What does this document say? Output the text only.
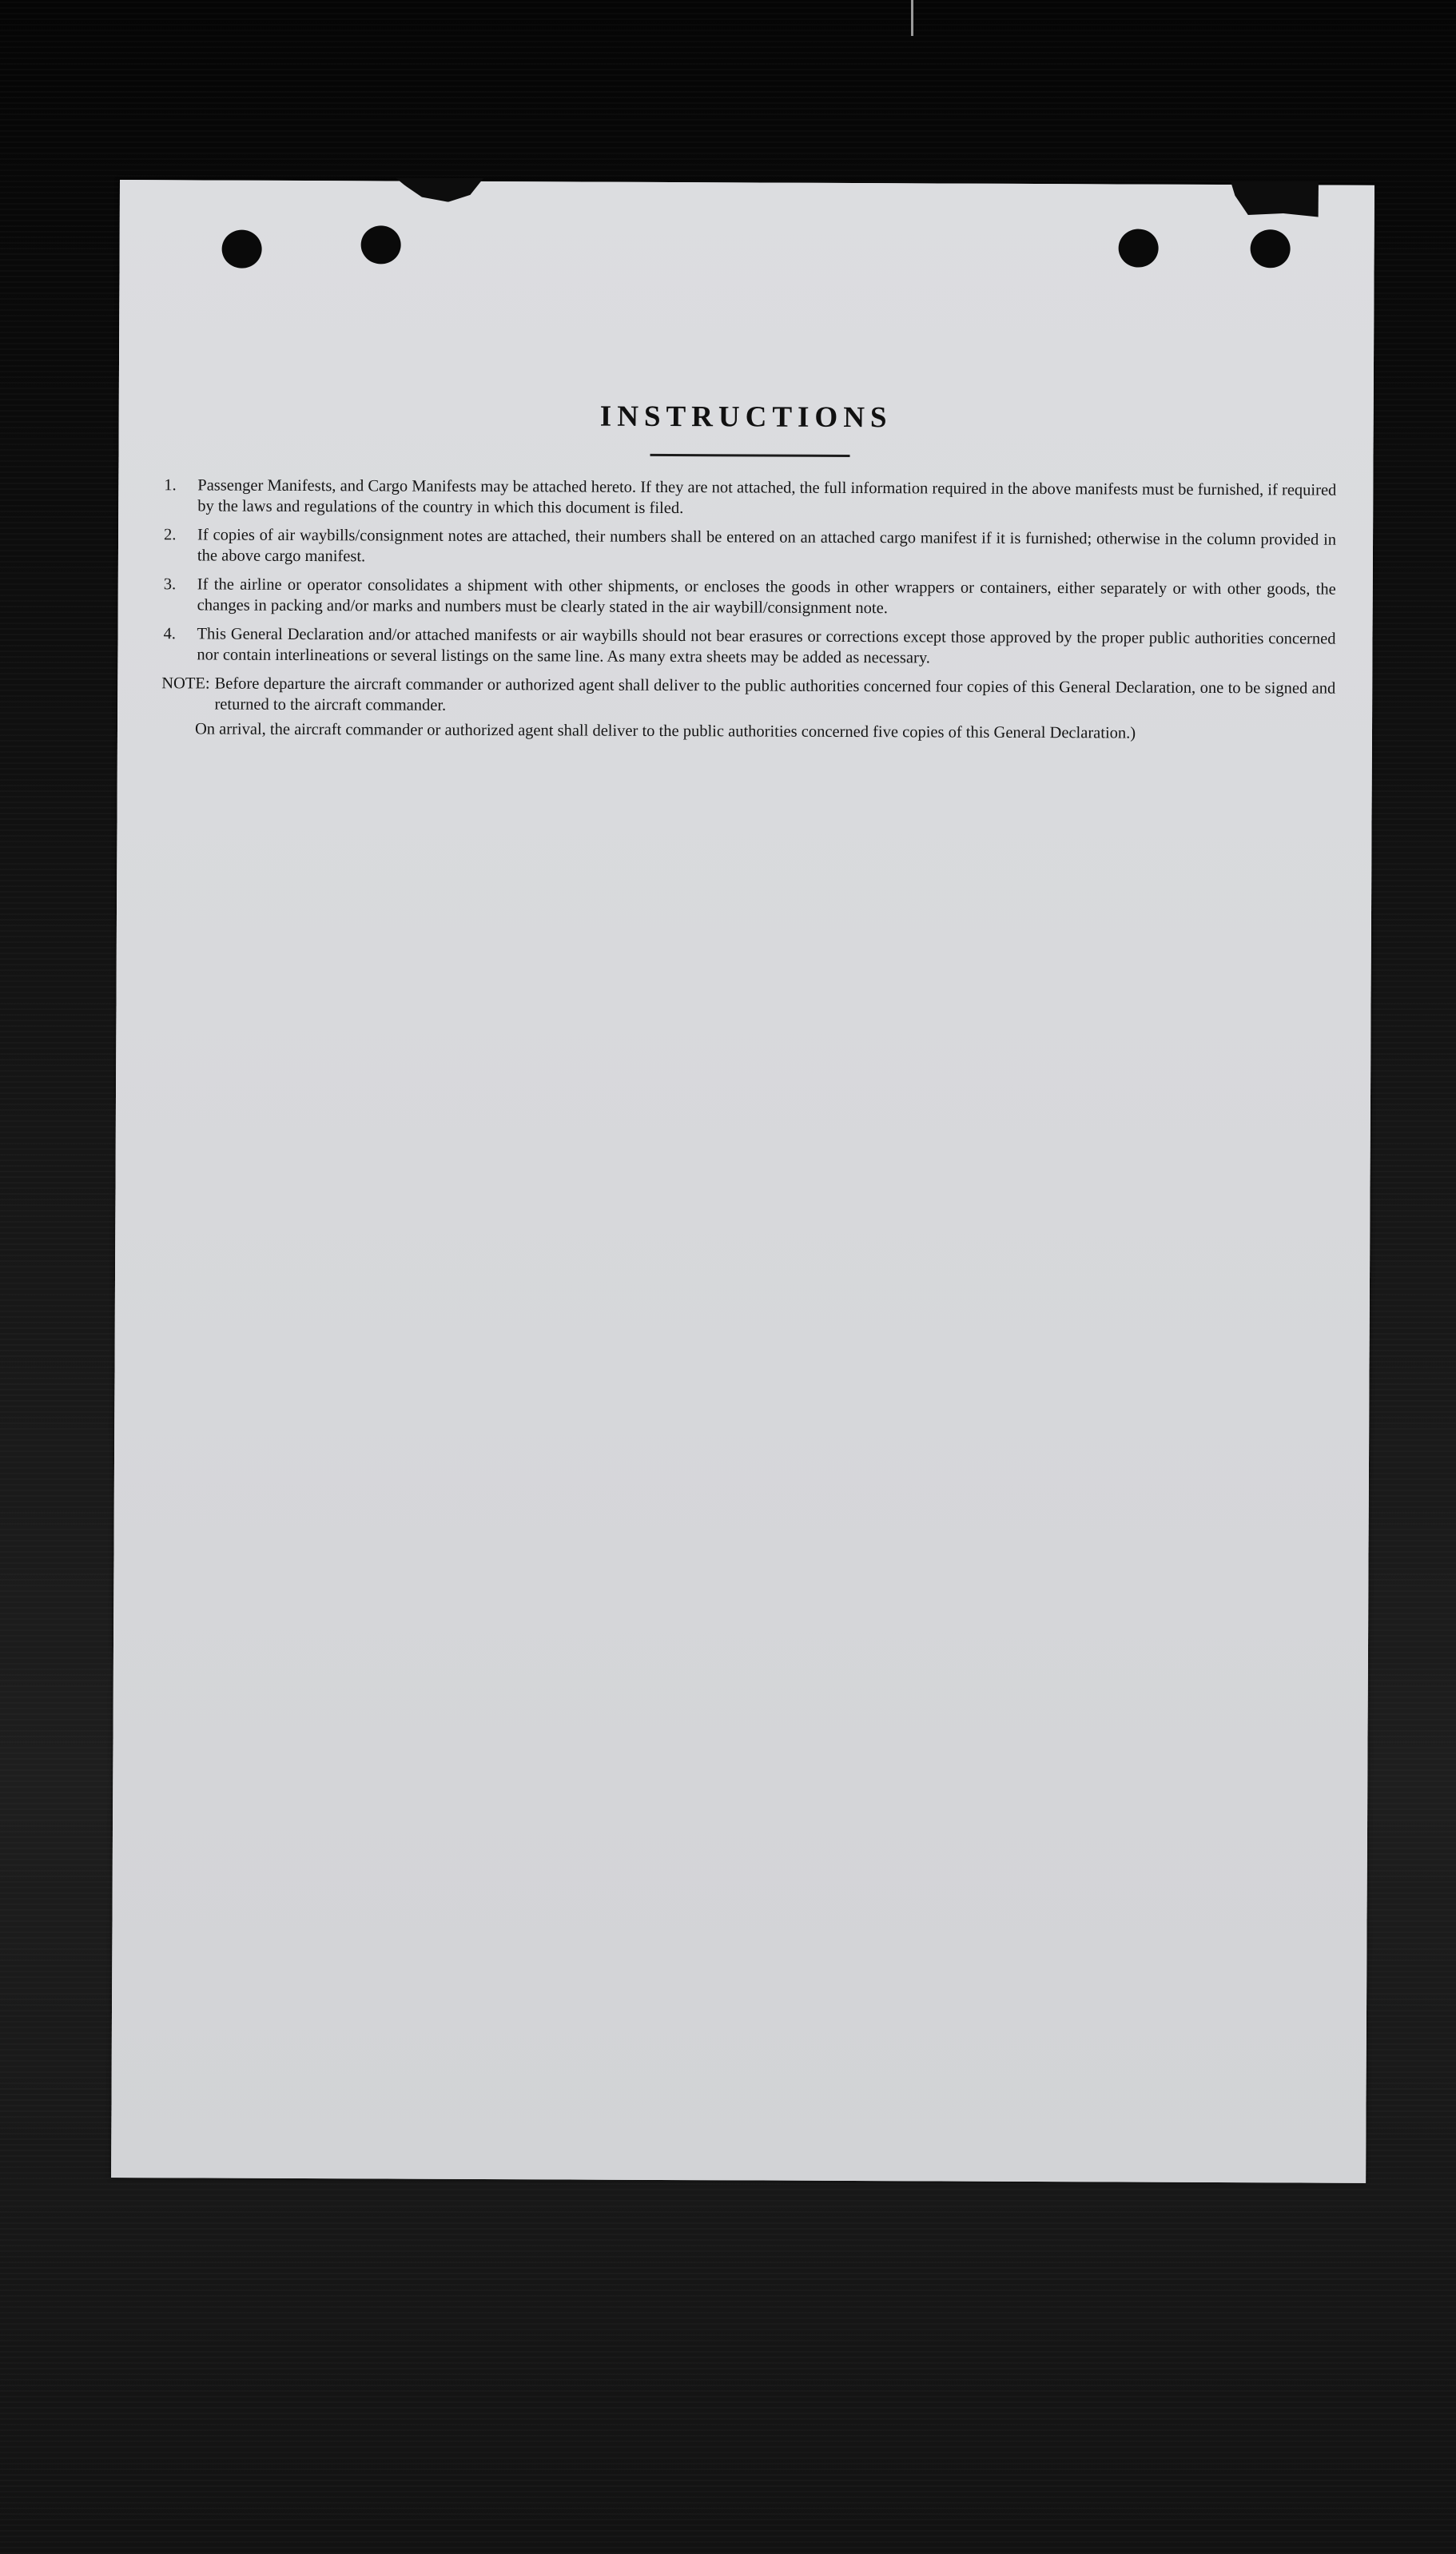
INSTRUCTIONS
1.	Passenger Manifests, and Cargo Manifests may be attached hereto. If they are not attached, the full information required in the above manifests must be furnished, if required by the laws and regulations of the country in which this document is filed.
2.	If copies of air waybills/consignment notes are attached, their numbers shall be entered on an attached cargo manifest if it is furnished; otherwise in the column provided in the above cargo manifest.
3.	If the airline or operator consolidates a shipment with other shipments, or encloses the goods in other wrappers or containers, either separately or with other goods, the changes in packing and/or marks and numbers must be clearly stated in the air waybill/consignment note.
4.	This General Declaration and/or attached manifests or air waybills should not bear erasures or corrections except those approved by the proper public authorities concerned nor contain interlineations or several listings on the same line. As many extra sheets may be added as necessary.
NOTE: Before departure the aircraft commander or authorized agent shall deliver to the public authorities concerned four copies of this General Declaration, one to be signed and returned to the aircraft commander.
On arrival, the aircraft commander or authorized agent shall deliver to the public authorities concerned five copies of this General Declaration.)
